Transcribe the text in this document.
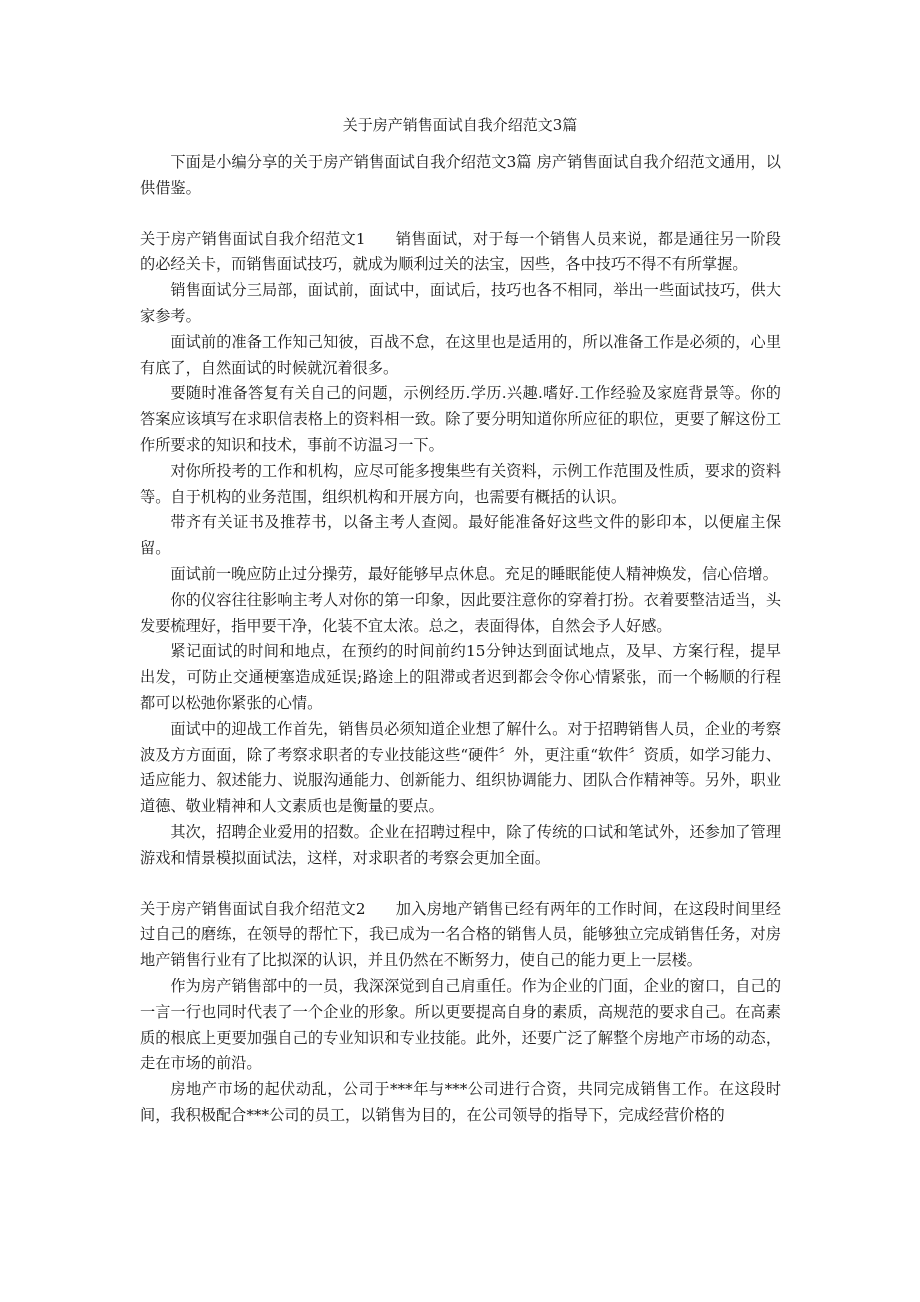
关于房产销售面试自我介绍范文3篇

下面是小编分享的关于房产销售面试自我介绍范文3篇 房产销售面试自我介绍范文通用，以供借鉴。

关于房产销售面试自我介绍范文1 销售面试，对于每一个销售人员来说，都是通往另一阶段的必经关卡，而销售面试技巧，就成为顺利过关的法宝，因些，各中技巧不得不有所掌握。

销售面试分三局部，面试前，面试中，面试后，技巧也各不相同，举出一些面试技巧，供大家参考。

面试前的准备工作知己知彼，百战不怠，在这里也是适用的，所以准备工作是必须的，心里有底了，自然面试的时候就沉着很多。

要随时准备答复有关自己的问题，示例经历.学历.兴趣.嗜好.工作经验及家庭背景等。你的答案应该填写在求职信表格上的资料相一致。除了要分明知道你所应征的职位，更要了解这份工作所要求的知识和技术，事前不访温习一下。

对你所投考的工作和机构，应尽可能多搜集些有关资料，示例工作范围及性质，要求的资料等。自于机构的业务范围，组织机构和开展方向，也需要有概括的认识。

带齐有关证书及推荐书，以备主考人查阅。最好能准备好这些文件的影印本，以便雇主保留。

面试前一晚应防止过分操劳，最好能够早点休息。充足的睡眠能使人精神焕发，信心倍增。

你的仪容往往影响主考人对你的第一印象，因此要注意你的穿着打扮。衣着要整洁适当，头发要梳理好，指甲要干净，化装不宜太浓。总之，表面得体，自然会予人好感。

紧记面试的时间和地点，在预约的时间前约15分钟达到面试地点，及早、方案行程，提早出发，可防止交通梗塞造成延误;路途上的阻滞或者迟到都会令你心情紧张，而一个畅顺的行程都可以松弛你紧张的心情。

面试中的迎战工作首先，销售员必须知道企业想了解什么。对于招聘销售人员，企业的考察波及方方面面，除了考察求职者的专业技能这些“硬件〞外，更注重“软件〞资质，如学习能力、适应能力、叙述能力、说服沟通能力、创新能力、组织协调能力、团队合作精神等。另外，职业道德、敬业精神和人文素质也是衡量的要点。

其次，招聘企业爱用的招数。企业在招聘过程中，除了传统的口试和笔试外，还参加了管理游戏和情景模拟面试法，这样，对求职者的考察会更加全面。

关于房产销售面试自我介绍范文2 加入房地产销售已经有两年的工作时间，在这段时间里经过自己的磨练，在领导的帮忙下，我已成为一名合格的销售人员，能够独立完成销售任务，对房地产销售行业有了比拟深的认识，并且仍然在不断努力，使自己的能力更上一层楼。

作为房产销售部中的一员，我深深觉到自己肩重任。作为企业的门面，企业的窗口，自己的一言一行也同时代表了一个企业的形象。所以更要提高自身的素质，高规范的要求自己。在高素质的根底上更要加强自己的专业知识和专业技能。此外，还要广泛了解整个房地产市场的动态，走在市场的前沿。

房地产市场的起伏动乱，公司于***年与***公司进行合资，共同完成销售工作。在这段时间，我积极配合***公司的员工，以销售为目的，在公司领导的指导下，完成经营价格的
